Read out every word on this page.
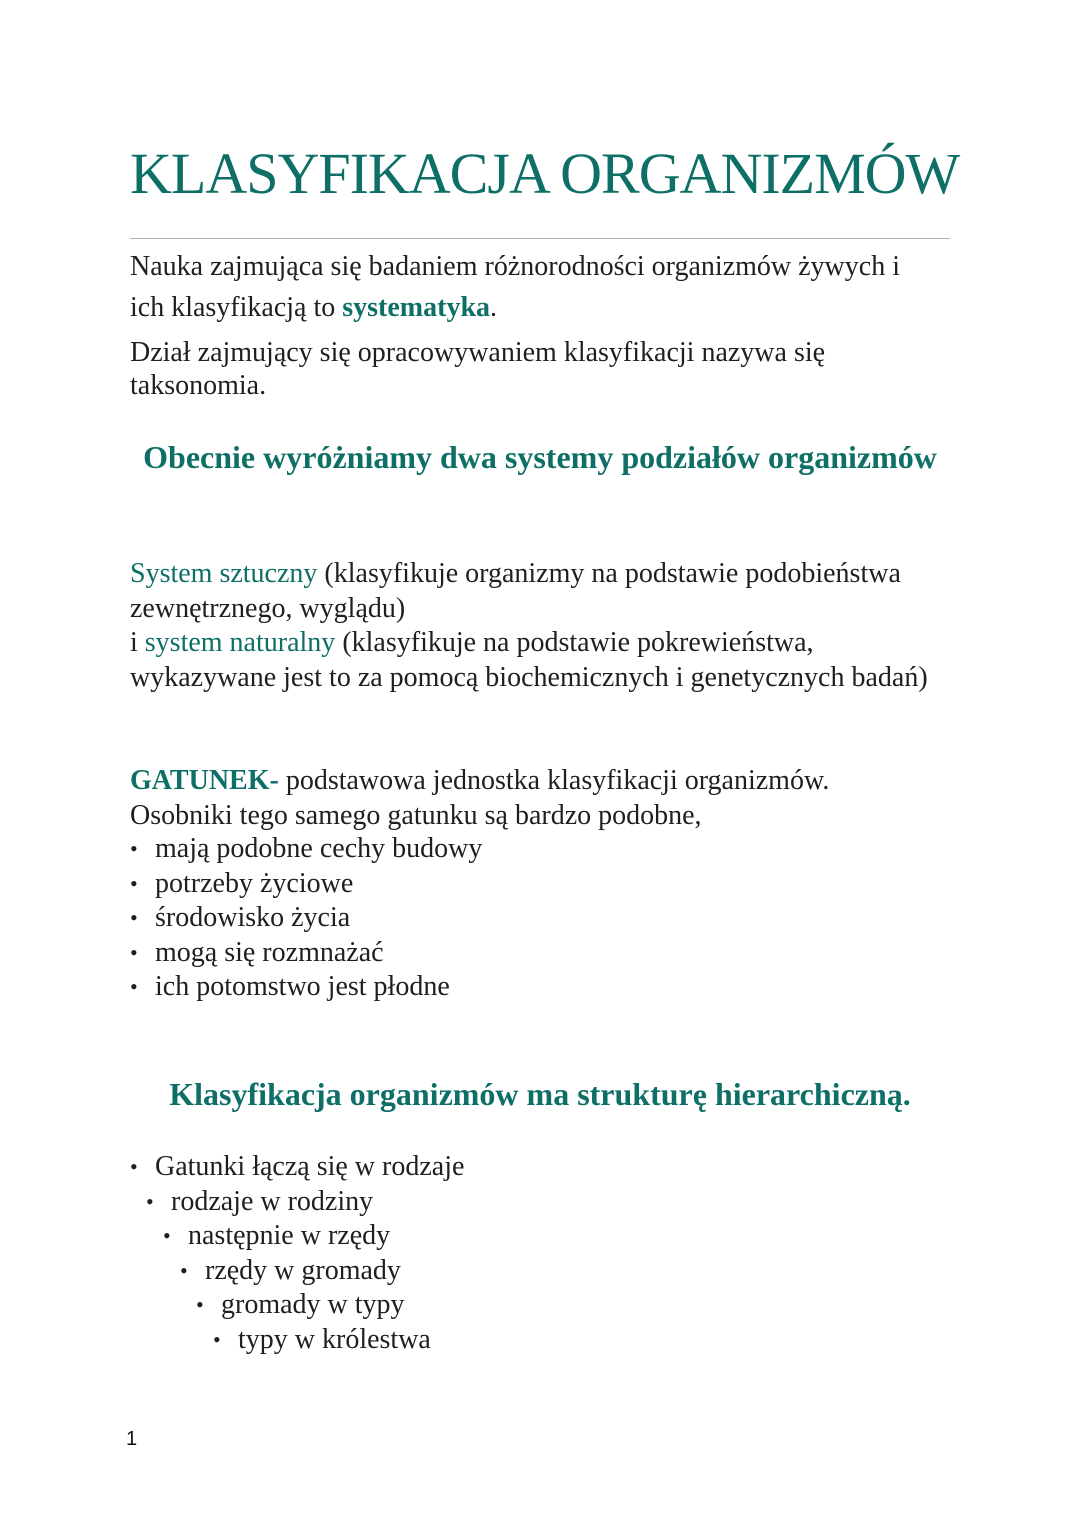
KLASYFIKACJA ORGANIZMÓW

Nauka zajmująca się badaniem różnorodności organizmów żywych i ich klasyfikacją to systematyka.

Dział zajmujący się opracowywaniem klasyfikacji nazywa się taksonomia.

Obecnie wyróżniamy dwa systemy podziałów organizmów

System sztuczny (klasyfikuje organizmy na podstawie podobieństwa zewnętrznego, wyglądu)
i system naturalny (klasyfikuje na podstawie pokrewieństwa, wykazywane jest to za pomocą biochemicznych i genetycznych badań)

GATUNEK- podstawowa jednostka klasyfikacji organizmów.
Osobniki tego samego gatunku są bardzo podobne,

• mają podobne cechy budowy
• potrzeby życiowe
• środowisko życia
• mogą się rozmnażać
• ich potomstwo jest płodne
Klasyfikacja organizmów ma strukturę hierarchiczną.
• Gatunki łączą się w rodzaje
• rodzaje w rodziny
• następnie w rzędy
• rzędy w gromady
• gromady w typy
• typy w królestwa
1
